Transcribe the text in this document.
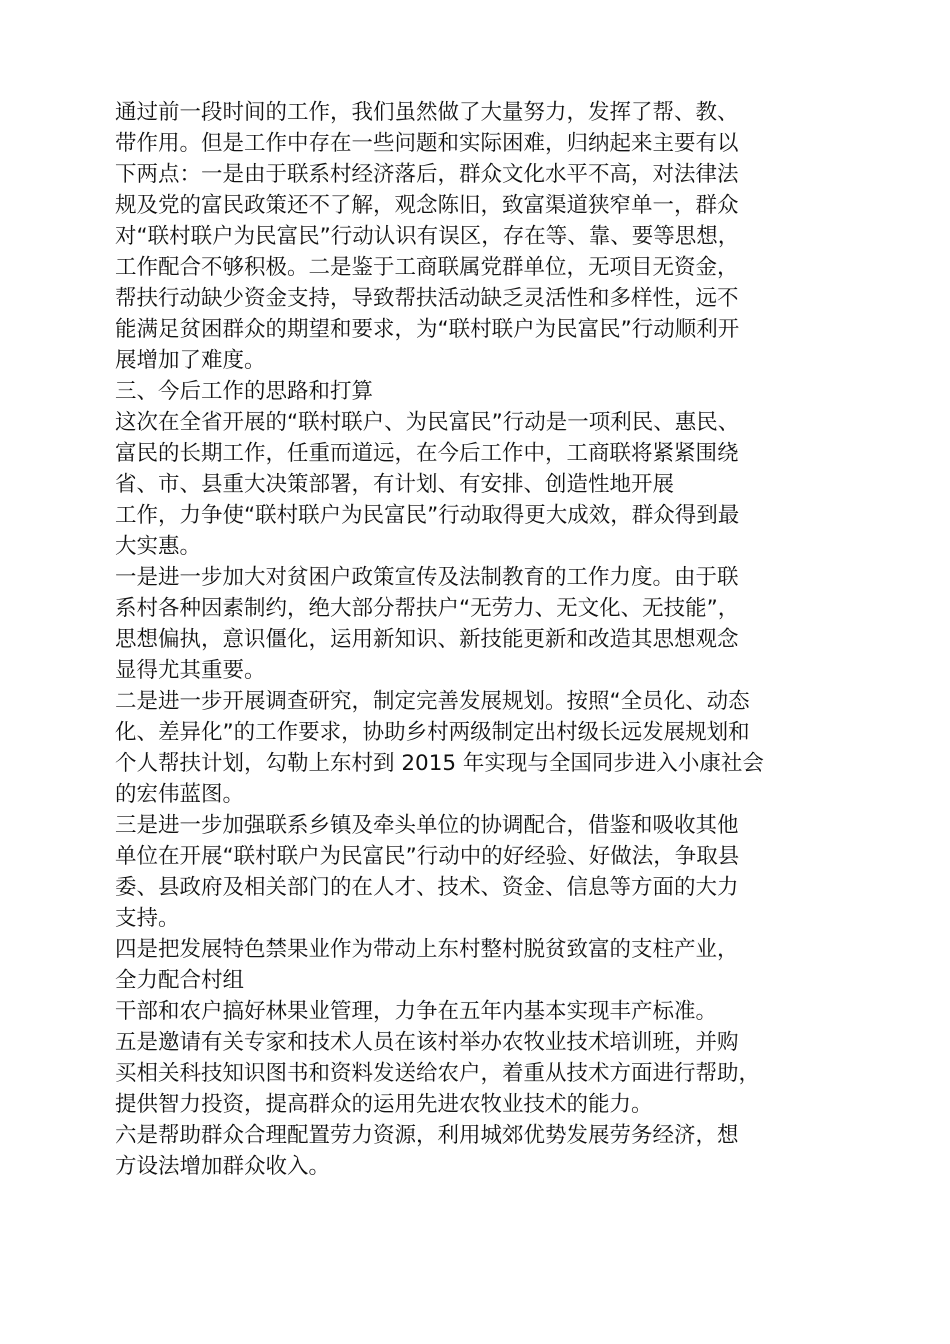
通过前一段时间的工作，我们虽然做了大量努力，发挥了帮、教、
带作用。但是工作中存在一些问题和实际困难，归纳起来主要有以
下两点：一是由于联系村经济落后，群众文化水平不高，对法律法
规及党的富民政策还不了解，观念陈旧，致富渠道狭窄单一，群众
对“联村联户为民富民”行动认识有误区，存在等、靠、要等思想，
工作配合不够积极。二是鉴于工商联属党群单位，无项目无资金，
帮扶行动缺少资金支持，导致帮扶活动缺乏灵活性和多样性，远不
能满足贫困群众的期望和要求，为“联村联户为民富民”行动顺利开
展增加了难度。
三、今后工作的思路和打算
这次在全省开展的“联村联户、为民富民”行动是一项利民、惠民、
富民的长期工作，任重而道远，在今后工作中，工商联将紧紧围绕
省、市、县重大决策部署，有计划、有安排、创造性地开展
工作，力争使“联村联户为民富民”行动取得更大成效，群众得到最
大实惠。
一是进一步加大对贫困户政策宣传及法制教育的工作力度。由于联
系村各种因素制约，绝大部分帮扶户“无劳力、无文化、无技能”，
思想偏执，意识僵化，运用新知识、新技能更新和改造其思想观念
显得尤其重要。
二是进一步开展调查研究，制定完善发展规划。按照“全员化、动态
化、差异化”的工作要求，协助乡村两级制定出村级长远发展规划和
个人帮扶计划，勾勒上东村到 2015 年实现与全国同步进入小康社会
的宏伟蓝图。
三是进一步加强联系乡镇及牵头单位的协调配合，借鉴和吸收其他
单位在开展“联村联户为民富民”行动中的好经验、好做法，争取县
委、县政府及相关部门的在人才、技术、资金、信息等方面的大力
支持。
四是把发展特色禁果业作为带动上东村整村脱贫致富的支柱产业，
全力配合村组
干部和农户搞好林果业管理，力争在五年内基本实现丰产标准。
五是邀请有关专家和技术人员在该村举办农牧业技术培训班，并购
买相关科技知识图书和资料发送给农户，着重从技术方面进行帮助，
提供智力投资，提高群众的运用先进农牧业技术的能力。
六是帮助群众合理配置劳力资源，利用城郊优势发展劳务经济，想
方设法增加群众收入。
